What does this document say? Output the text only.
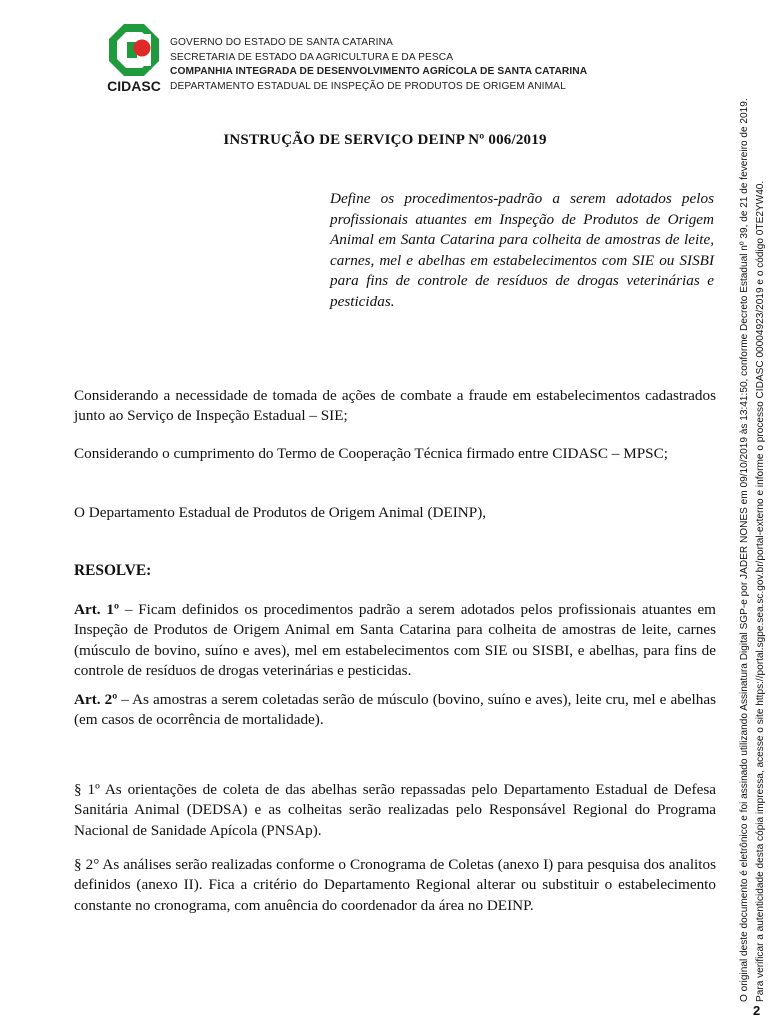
CIDASC
GOVERNO DO ESTADO DE SANTA CATARINA
SECRETARIA DE ESTADO DA AGRICULTURA E DA PESCA
COMPANHIA INTEGRADA DE DESENVOLVIMENTO AGRÍCOLA DE SANTA CATARINA
DEPARTAMENTO ESTADUAL DE INSPEÇÃO DE PRODUTOS DE ORIGEM ANIMAL
INSTRUÇÃO DE SERVIÇO DEINP Nº 006/2019
Define os procedimentos-padrão a serem adotados pelos profissionais atuantes em Inspeção de Produtos de Origem Animal em Santa Catarina para colheita de amostras de leite, carnes, mel e abelhas em estabelecimentos com SIE ou SISBI para fins de controle de resíduos de drogas veterinárias e pesticidas.
Considerando a necessidade de tomada de ações de combate a fraude em estabelecimentos cadastrados junto ao Serviço de Inspeção Estadual – SIE;
Considerando o cumprimento do Termo de Cooperação Técnica firmado entre CIDASC – MPSC;
O Departamento Estadual de Produtos de Origem Animal (DEINP),
RESOLVE:
Art. 1º – Ficam definidos os procedimentos padrão a serem adotados pelos profissionais atuantes em Inspeção de Produtos de Origem Animal em Santa Catarina para colheita de amostras de leite, carnes (músculo de bovino, suíno e aves), mel em estabelecimentos com SIE ou SISBI, e abelhas, para fins de controle de resíduos de drogas veterinárias e pesticidas.
Art. 2º – As amostras a serem coletadas serão de músculo (bovino, suíno e aves), leite cru, mel e abelhas (em casos de ocorrência de mortalidade).
§ 1º As orientações de coleta de das abelhas serão repassadas pelo Departamento Estadual de Defesa Sanitária Animal (DEDSA) e as colheitas serão realizadas pelo Responsável Regional do Programa Nacional de Sanidade Apícola (PNSAp).
§ 2° As análises serão realizadas conforme o Cronograma de Coletas (anexo I) para pesquisa dos analitos definidos (anexo II). Fica a critério do Departamento Regional alterar ou substituir o estabelecimento constante no cronograma, com anuência do coordenador da área no DEINP.	O original deste documento é eletrônico e foi assinado utilizando Assinatura Digital SGP-e por JADER NONES em 09/10/2019 às 13:41:50, conforme Decreto Estadual nº 39, de 21 de fevereiro de 2019. Para verificar a autenticidade desta cópia impressa, acesse o site https://portal.sgpe.sea.sc.gov.br/portal-externo e informe o processo CIDASC 00004923/2019 e o código 0TE2YW40.
2
